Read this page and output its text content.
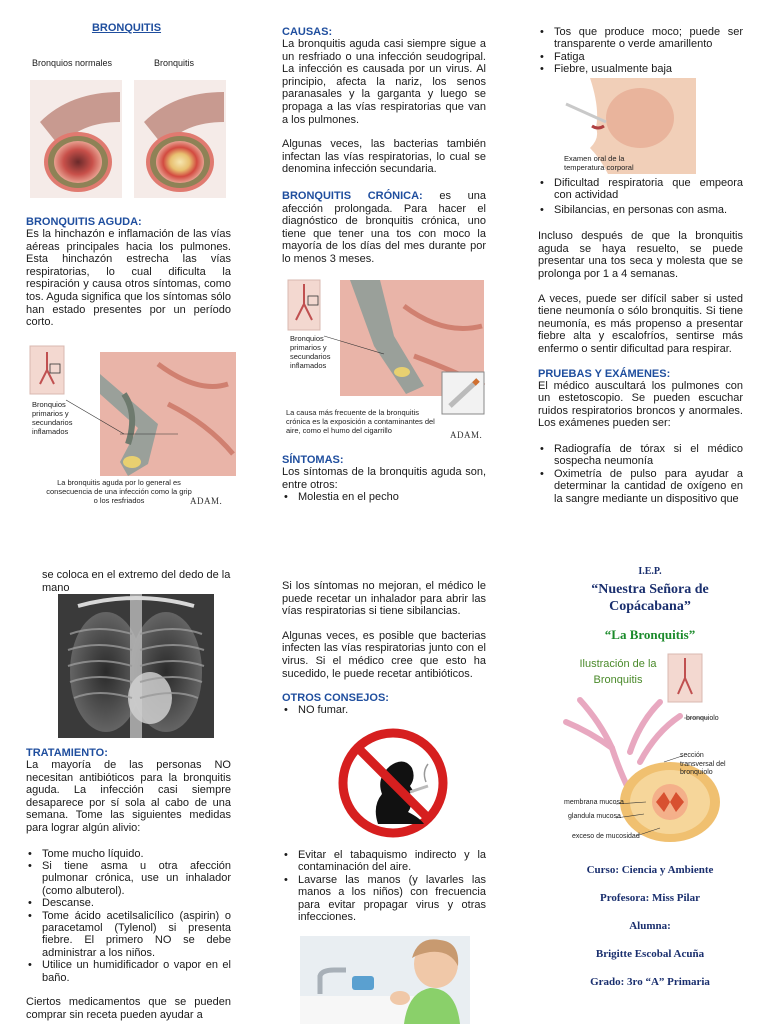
BRONQUITIS
Bronquios normales	Bronquitis
BRONQUITIS AGUDA:

Es la hinchazón e inflamación de las vías aéreas principales hacia los pulmones. Esta hinchazón estrecha las vías respiratorias, lo cual dificulta la respiración y causa otros síntomas, como tos. Aguda significa que los síntomas sólo han estado presentes por un período corto.

Bronquios primarios y secundarios inflamados
La bronquitis aguda por lo general es consecuencia de una infección como la grip o los resfriados	ADAM.
CAUSAS:

La bronquitis aguda casi siempre sigue a un resfriado o una infección seudogripal. La infección es causada por un virus. Al principio, afecta la nariz, los senos paranasales y la garganta y luego se propaga a las vías respiratorias que van a los pulmones.

Algunas veces, las bacterias también infectan las vías respiratorias, lo cual se denomina infección secundaria.

BRONQUITIS CRÓNICA: es una afección prolongada. Para hacer el diagnóstico de bronquitis crónica, uno tiene que tener una tos con moco la mayoría de los días del mes durante por lo menos 3 meses.

Bronquios primarios y secundarios inflamados
La causa más frecuente de la bronquitis crónica es la exposición a contaminantes del aire, como el humo del cigarrillo	ADAM.
SÍNTOMAS:

Los síntomas de la bronquitis aguda son, entre otros:

• Molestia en el pecho
• Tos que produce moco; puede ser transparente o verde amarillento
• Fatiga
• Fiebre, usualmente baja
Examen oral de la temperatura corporal
• Dificultad respiratoria que empeora con actividad
• Sibilancias, en personas con asma.

Incluso después de que la bronquitis aguda se haya resuelto, se puede presentar una tos seca y molesta que se prolonga por 1 a 4 semanas.

A veces, puede ser difícil saber si usted tiene neumonía o sólo bronquitis. Si tiene neumonía, es más propenso a presentar fiebre alta y escalofríos, sentirse más enfermo o sentir dificultad para respirar.

PRUEBAS Y EXÁMENES:

El médico auscultará los pulmones con un estetoscopio. Se pueden escuchar ruidos respiratorios broncos y anormales. Los exámenes pueden ser:

• Radiografía de tórax si el médico sospecha neumonía
• Oximetría de pulso para ayudar a determinar la cantidad de oxígeno en la sangre mediante un dispositivo que

se coloca en el extremo del dedo de la mano

TRATAMIENTO:

La mayoría de las personas NO necesitan antibióticos para la bronquitis aguda. La infección casi siempre desaparece por sí sola al cabo de una semana. Tome las siguientes medidas para lograr algún alivio:

• Tome mucho líquido.
• Si tiene asma u otra afección pulmonar crónica, use un inhalador (como albuterol).
• Descanse.
• Tome ácido acetilsalicílico (aspirin) o paracetamol (Tylenol) si presenta fiebre. El primero NO se debe administrar a los niños.
• Utilice un humidificador o vapor en el baño.

Ciertos medicamentos que se pueden comprar sin receta pueden ayudar a

Si los síntomas no mejoran, el médico le puede recetar un inhalador para abrir las vías respiratorias si tiene sibilancias.

Algunas veces, es posible que bacterias infecten las vías respiratorias junto con el virus. Si el médico cree que esto ha sucedido, le puede recetar antibióticos.

OTROS CONSEJOS:
• NO fumar.
• Evitar el tabaquismo indirecto y la contaminación del aire.
• Lavarse las manos (y lavarles las manos a los niños) con frecuencia para evitar propagar virus y otras infecciones.
I.E.P.
“Nuestra Señora de Copácabana”
“La Bronquitis”
Ilustración de la Bronquitis
bronquiolo
sección transversal del bronquiolo
membrana mucosa
glandula mucosa
exceso de mucosidad
Curso: Ciencia y Ambiente
Profesora: Miss Pilar
Alumna:
Brigitte Escobal Acuña
Grado: 3ro “A” Primaria
